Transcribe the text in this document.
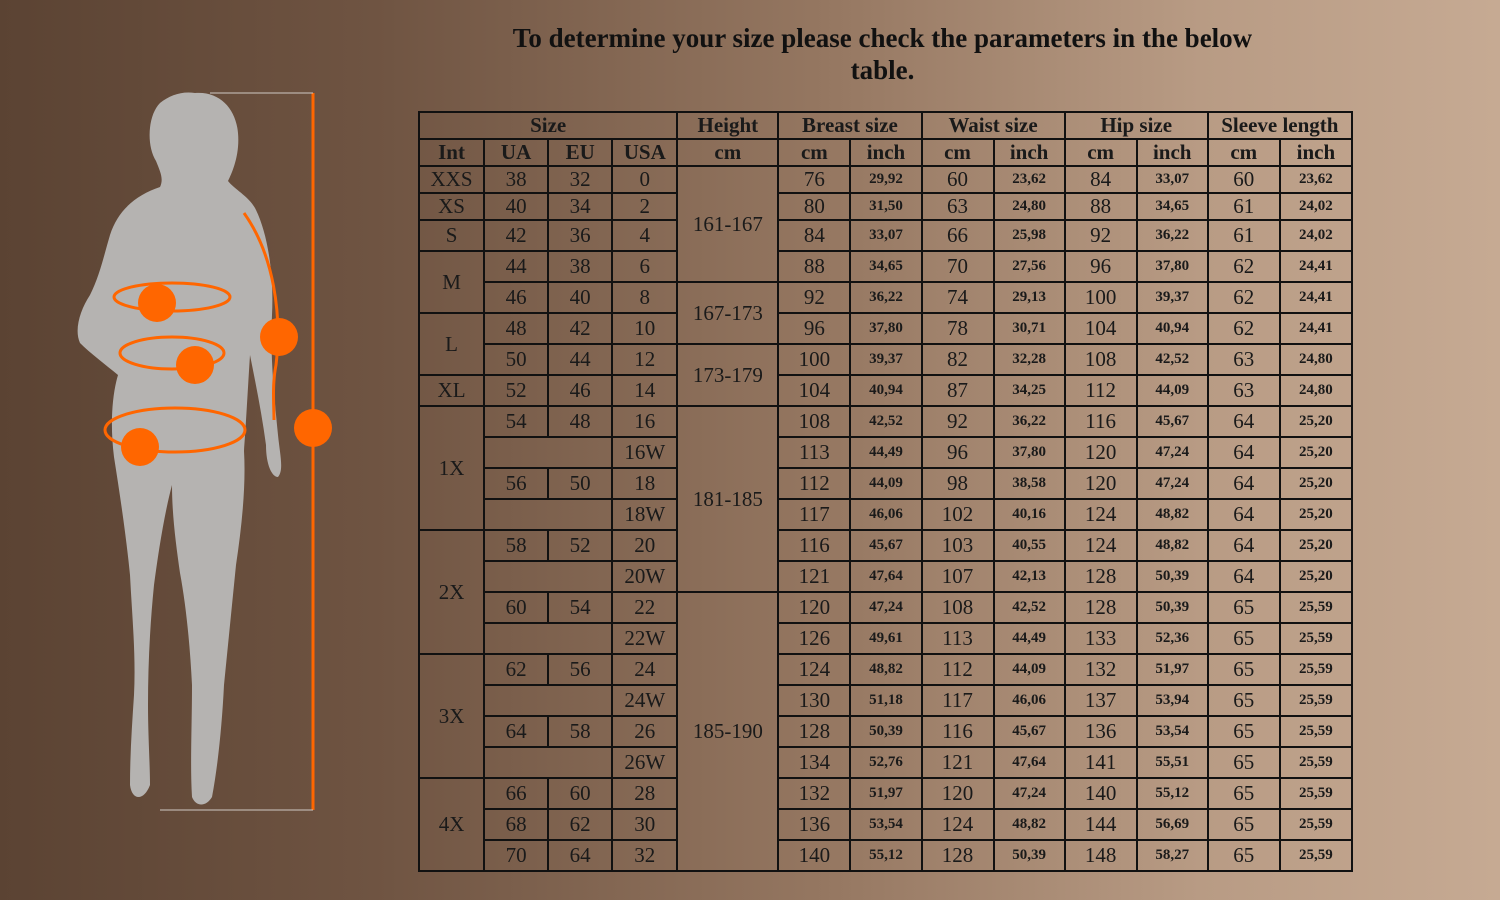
To determine your size please check the parameters in the below table.
Size				Height	Breast size		Waist size		Hip size		Sleeve length	
Int	UA	EU	USA	cm	cm	inch	cm	inch	cm	inch	cm	inch
XXS	38	32	0	161-167	76	29,92	60	23,62	84	33,07	60	23,62
XS	40	34	2		80	31,50	63	24,80	88	34,65	61	24,02
S	42	36	4		84	33,07	66	25,98	92	36,22	61	24,02
M	44	38	6		88	34,65	70	27,56	96	37,80	62	24,41
	46	40	8	167-173	92	36,22	74	29,13	100	39,37	62	24,41
L	48	42	10		96	37,80	78	30,71	104	40,94	62	24,41
	50	44	12	173-179	100	39,37	82	32,28	108	42,52	63	24,80
XL	52	46	14		104	40,94	87	34,25	112	44,09	63	24,80
1X	54	48	16	181-185	108	42,52	92	36,22	116	45,67	64	25,20
			16W		113	44,49	96	37,80	120	47,24	64	25,20
	56	50	18		112	44,09	98	38,58	120	47,24	64	25,20
			18W		117	46,06	102	40,16	124	48,82	64	25,20
2X	58	52	20		116	45,67	103	40,55	124	48,82	64	25,20
			20W		121	47,64	107	42,13	128	50,39	64	25,20
	60	54	22	185-190	120	47,24	108	42,52	128	50,39	65	25,59
			22W		126	49,61	113	44,49	133	52,36	65	25,59
3X	62	56	24		124	48,82	112	44,09	132	51,97	65	25,59
			24W		130	51,18	117	46,06	137	53,94	65	25,59
	64	58	26		128	50,39	116	45,67	136	53,54	65	25,59
			26W		134	52,76	121	47,64	141	55,51	65	25,59
4X	66	60	28		132	51,97	120	47,24	140	55,12	65	25,59
	68	62	30		136	53,54	124	48,82	144	56,69	65	25,59
	70	64	32		140	55,12	128	50,39	148	58,27	65	25,59
